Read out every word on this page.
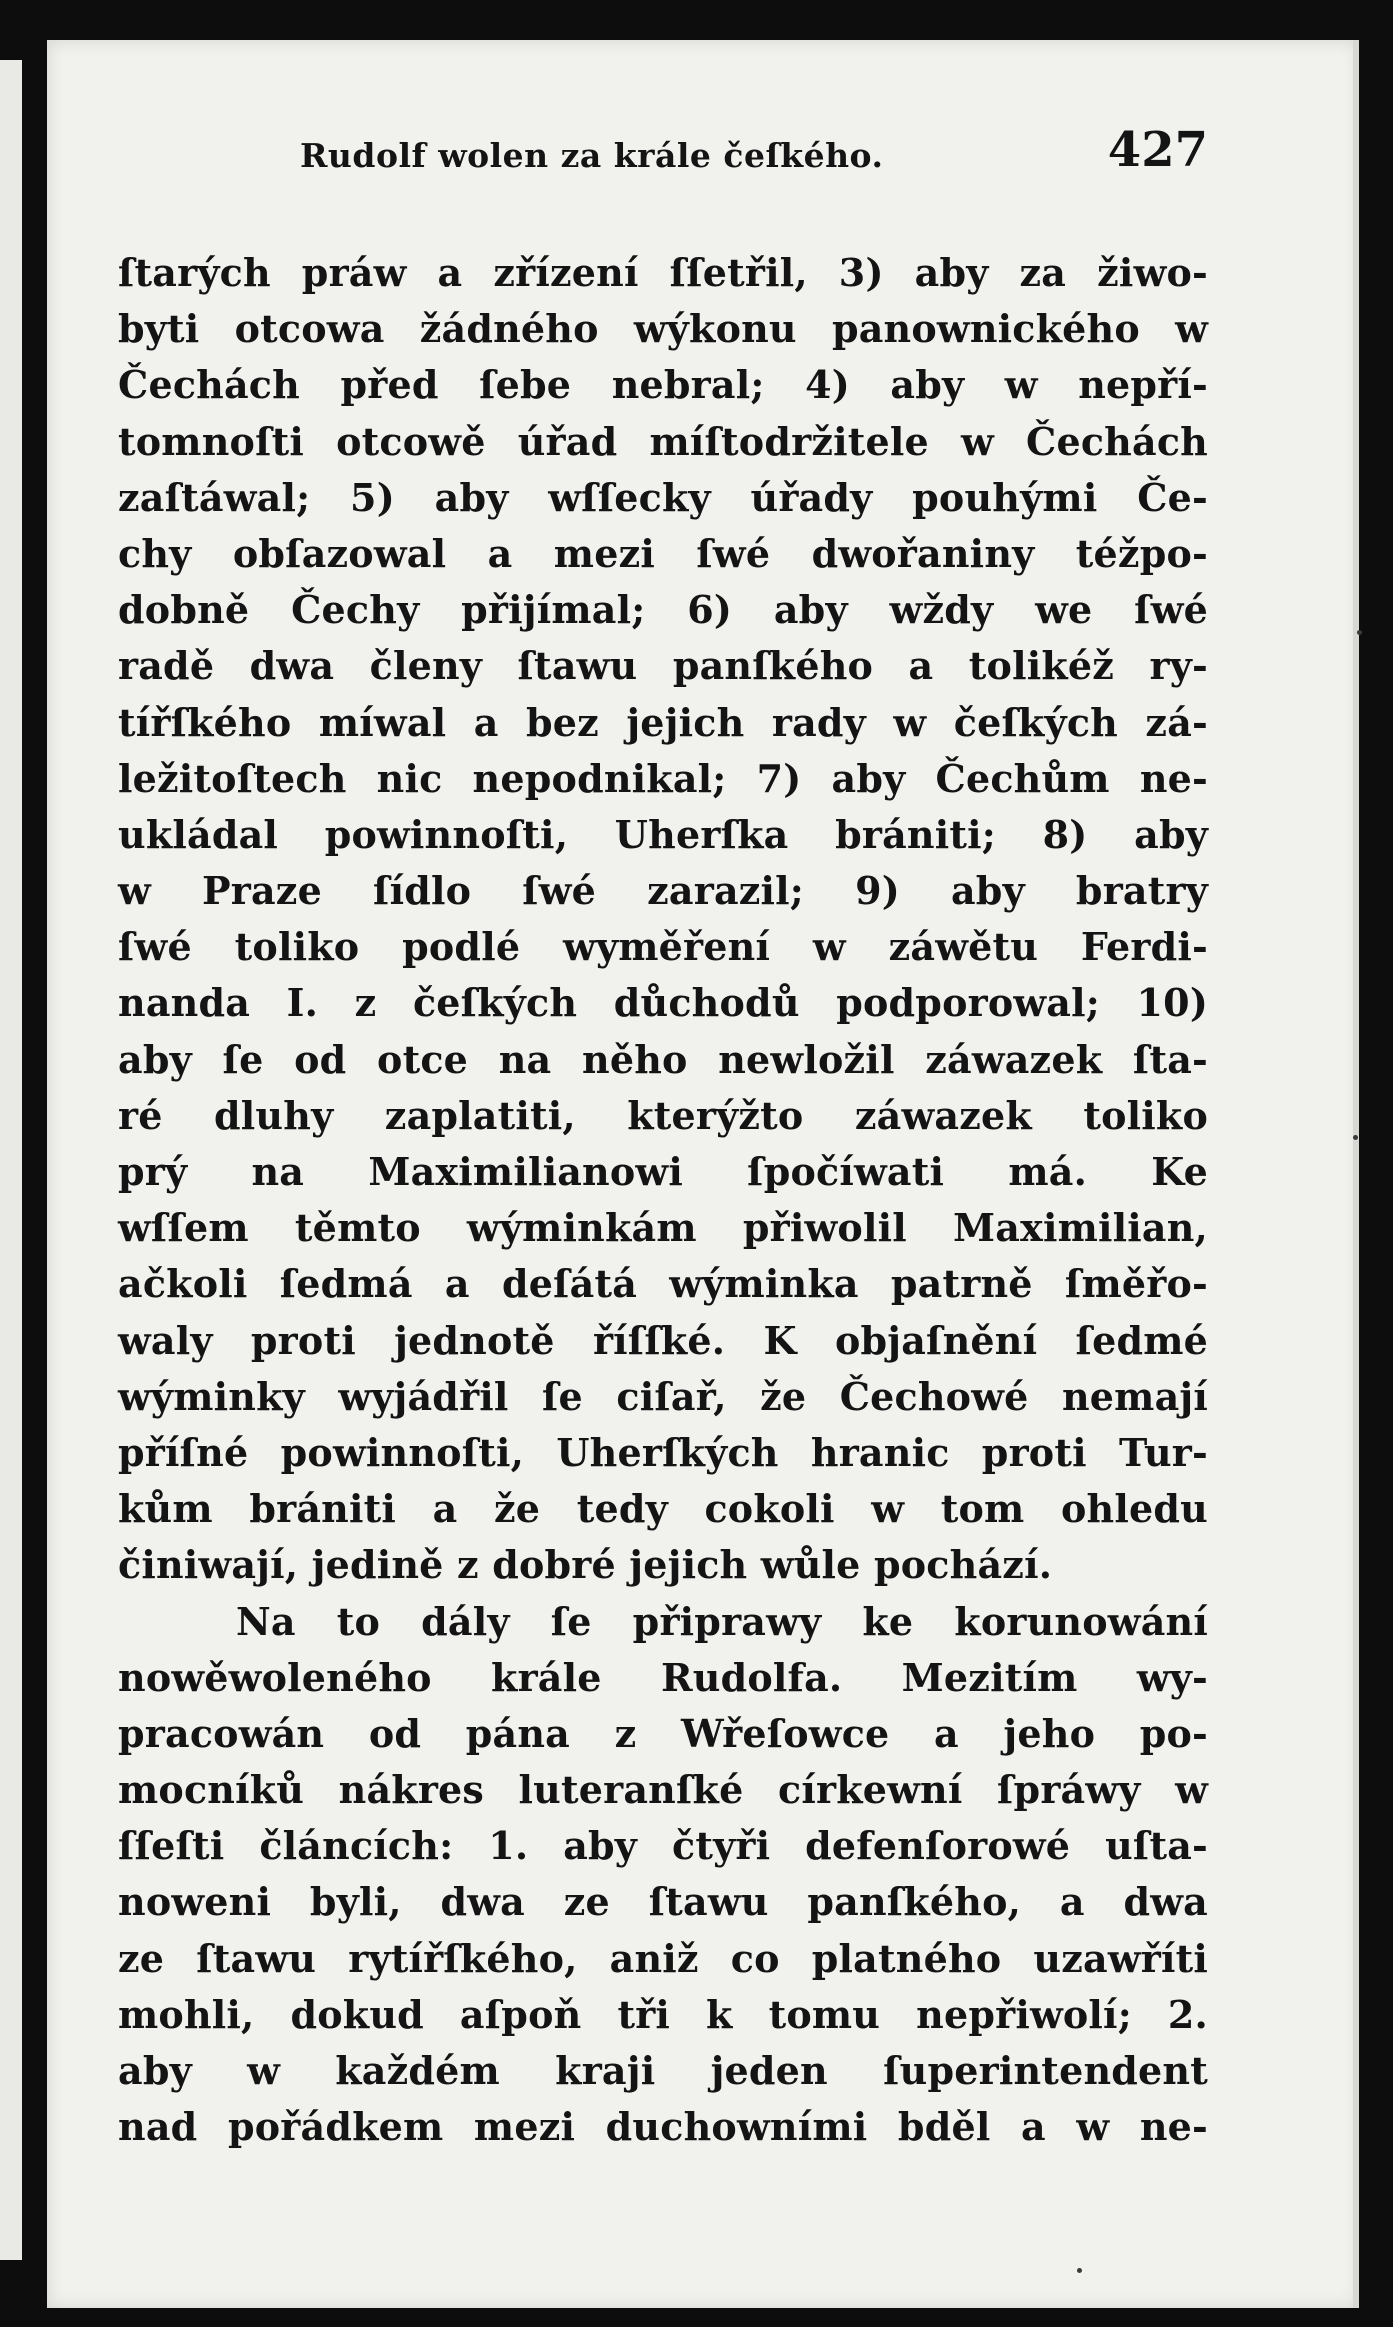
Rudolf wolen za krále čeſkého.	427
ſtarých práw a zřízení ſſetřil, 3) aby za žiwo-
byti otcowa žádného wýkonu panownického w
Čechách před ſebe nebral; 4) aby w nepří-
tomnoſti otcowě úřad míſtodržitele w Čechách
zaſtáwal; 5) aby wſſecky úřady pouhými Če-
chy obſazowal a mezi ſwé dwořaniny téžpo-
dobně Čechy přijímal; 6) aby wždy we ſwé
radě dwa členy ſtawu panſkého a tolikéž ry-
tířſkého míwal a bez jejich rady w čeſkých zá-
ležitoſtech nic nepodnikal; 7) aby Čechům ne-
ukládal powinnoſti, Uherſka brániti; 8) aby
w Praze ſídlo ſwé zarazil; 9) aby bratry
ſwé toliko podlé wyměření w záwětu Ferdi-
nanda I. z čeſkých důchodů podporowal; 10)
aby ſe od otce na něho newložil záwazek ſta-
ré dluhy zaplatiti, kterýžto záwazek toliko
prý na Maximilianowi ſpočíwati má. Ke
wſſem těmto wýminkám přiwolil Maximilian,
ačkoli ſedmá a deſátá wýminka patrně ſměřo-
waly proti jednotě říſſké. K objaſnění ſedmé
wýminky wyjádřil ſe ciſař, že Čechowé nemají
příſné powinnoſti, Uherſkých hranic proti Tur-
kům brániti a že tedy cokoli w tom ohledu
činiwají, jedině z dobré jejich wůle pochází.
Na to dály ſe připrawy ke korunowání
nowěwoleného krále Rudolfa. Mezitím wy-
pracowán od pána z Wřeſowce a jeho po-
mocníků nákres luteranſké církewní ſpráwy w
ſſeſti článcích: 1. aby čtyři defenſorowé uſta-
noweni byli, dwa ze ſtawu panſkého, a dwa
ze ſtawu rytířſkého, aniž co platného uzawříti
mohli, dokud aſpoň tři k tomu nepřiwolí; 2.
aby w každém kraji jeden ſuperintendent
nad pořádkem mezi duchowními bděl a w ne-
